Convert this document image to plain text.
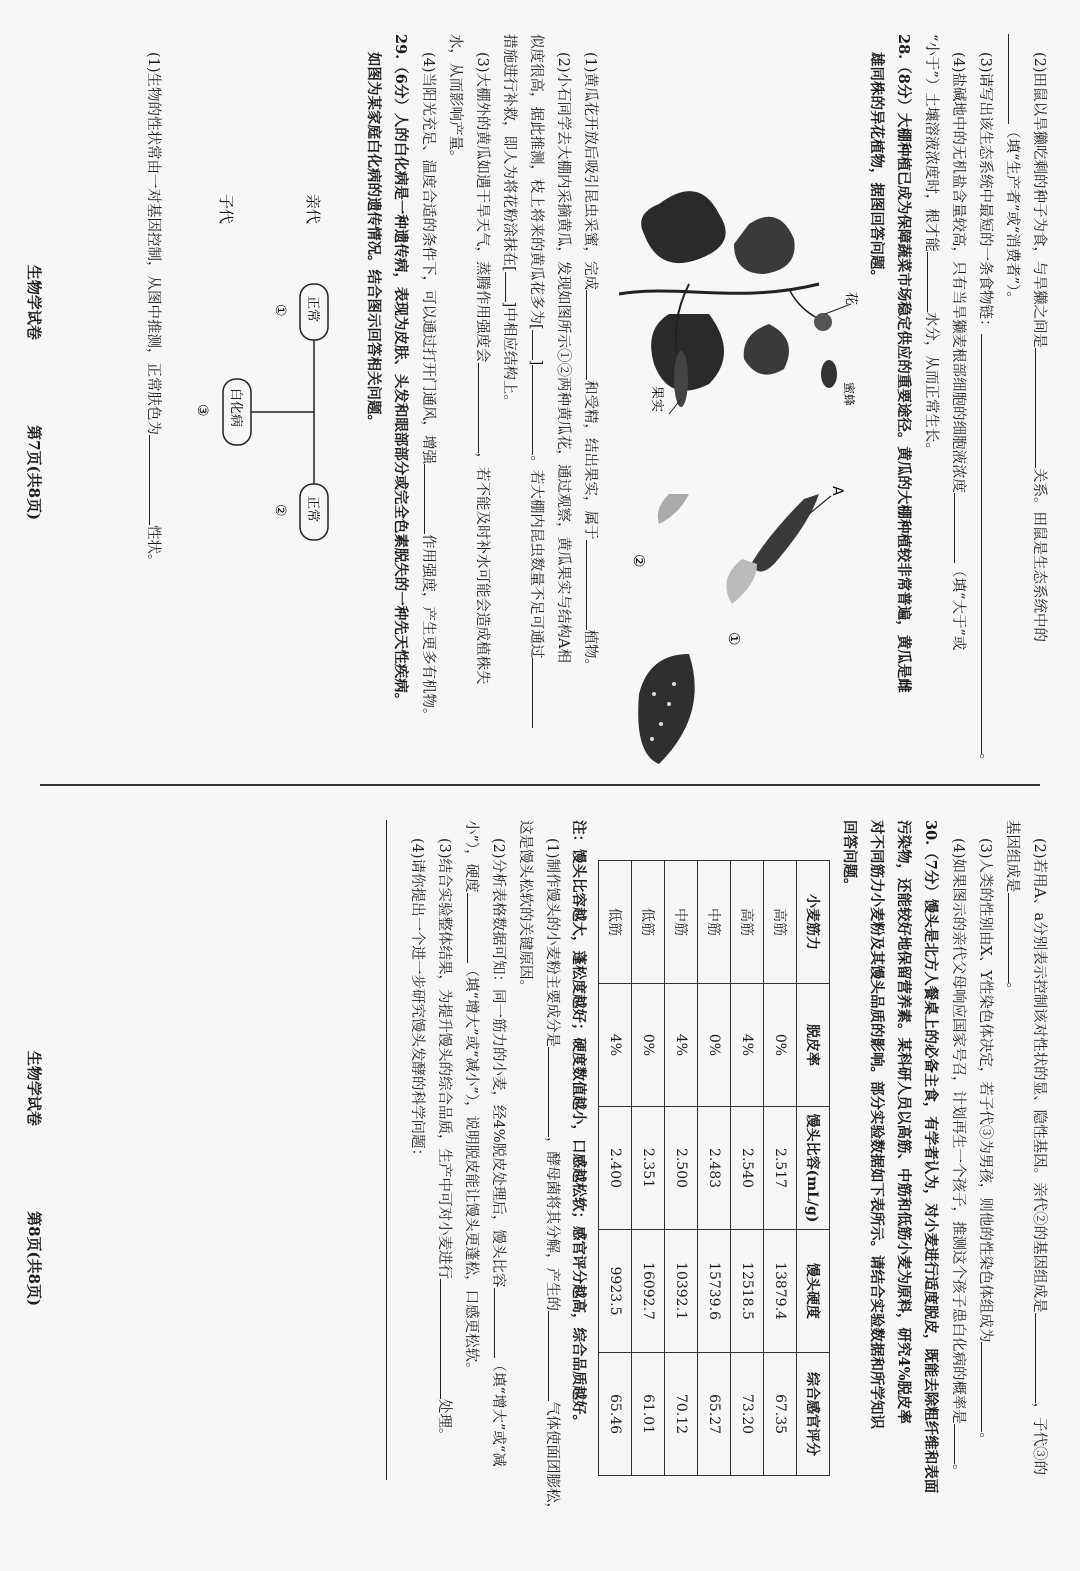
(2)田鼠以旱獭吃剩的种子为食，与旱獭之间是关系。田鼠是生态系统中的

（填“生产者”或“消费者”）。

(3)请写出该生态系统中最短的一条食物链：。

(4)盐碱地中的无机盐含量较高，只有当旱獭麦根部细胞的细胞液浓度（填“大于”或

“小于”）土壤溶液浓度时，根才能水分，从而正常生长。

28.（8分）大棚种植已成为保障蔬菜市场稳定供应的重要途径。黄瓜的大棚种植较非常普遍，黄瓜是雌

雄同株的异花植物，据图回答问题。

花
蜜蜂
果实
A
①
②

(1)黄瓜花开放后吸引昆虫采蜜，完成和受精，结出果实，属于植物。

(2)小石同学去大棚内采摘黄瓜，发现如图所示①②两种黄瓜花，通过观察，黄瓜果实与结构A相

似度很高，据此推测，枝上将来的黄瓜花多为[]。若大棚内昆虫数量不足可通过

措施进行补救，即人为将花粉涂抹在[]中相应结构上。

(3)大棚外的黄瓜如遇干旱天气，蒸腾作用强度会，若不能及时补水可能会造成植株失

水，从而影响产量。

(4)当阳光充足、温度合适的条件下，可以通过打开门通风，增强作用强度，产生更多有机物。

29.（6分）人的白化病是一种遗传病，表现为皮肤、头发和眼部部分或完全色素脱失的一种先天性疾病。

如图为某家庭白化病的遗传情况。结合图示回答相关问题。

亲代
子代
正常
①
正常
②
白化病
③

(1)生物的性状常由一对基因控制，从图中推测，正常肤色为性状。

生物学试卷 第7页(共8页)

(2)若用A、a分别表示控制该对性状的显、隐性基因。亲代②的基因组成是，子代③的

基因组成是。

(3)人类的性别由X、Y性染色体决定，若子代③为男孩，则他的性染色体组成为。

(4)如果图示的亲代父母响应国家号召，计划再生一个孩子，推测这个孩子患白化病的概率是。

30.（7分）馒头是北方人餐桌上的必备主食，有学者认为，对小麦进行适度脱皮，既能去除粗纤维和表面

污染物，还能较好地保留营养素。某科研人员以高筋、中筋和低筋小麦为原料，研究4%脱皮率

对不同筋力小麦粉及其馒头品质的影响。部分实验数据如下表所示。请结合实验数据和所学知识

回答问题。

小麦筋力	脱皮率	馒头比容(mL/g)	馒头硬度	综合感官评分
高筋	0%	2.517	13879.4	67.35
高筋	4%	2.540	12518.5	73.20
中筋	0%	2.483	15739.6	65.27
中筋	4%	2.500	10392.1	70.12
低筋	0%	2.351	16092.7	61.01
低筋	4%	2.400	9923.5	65.46

注：馒头比容越大，蓬松度越好；硬度数值越小，口感越松软；感官评分越高，综合品质越好。

(1)制作馒头的小麦粉主要成分是，酵母菌将其分解，产生的气体使面团膨松，

这是馒头松软的关键原因。

(2)分析表格数据可知：同一筋力的小麦，经4%脱皮处理后，馒头比容（填“增大”或“减

小”），硬度（填“增大”或“减小”），说明脱皮能让馒头更蓬松，口感更松软。

(3)结合实验整体结果，为提升馒头的综合品质，生产中可对小麦进行处理。

(4)请你提出一个进一步研究馒头发酵的科学问题：

生物学试卷 第8页(共8页)
